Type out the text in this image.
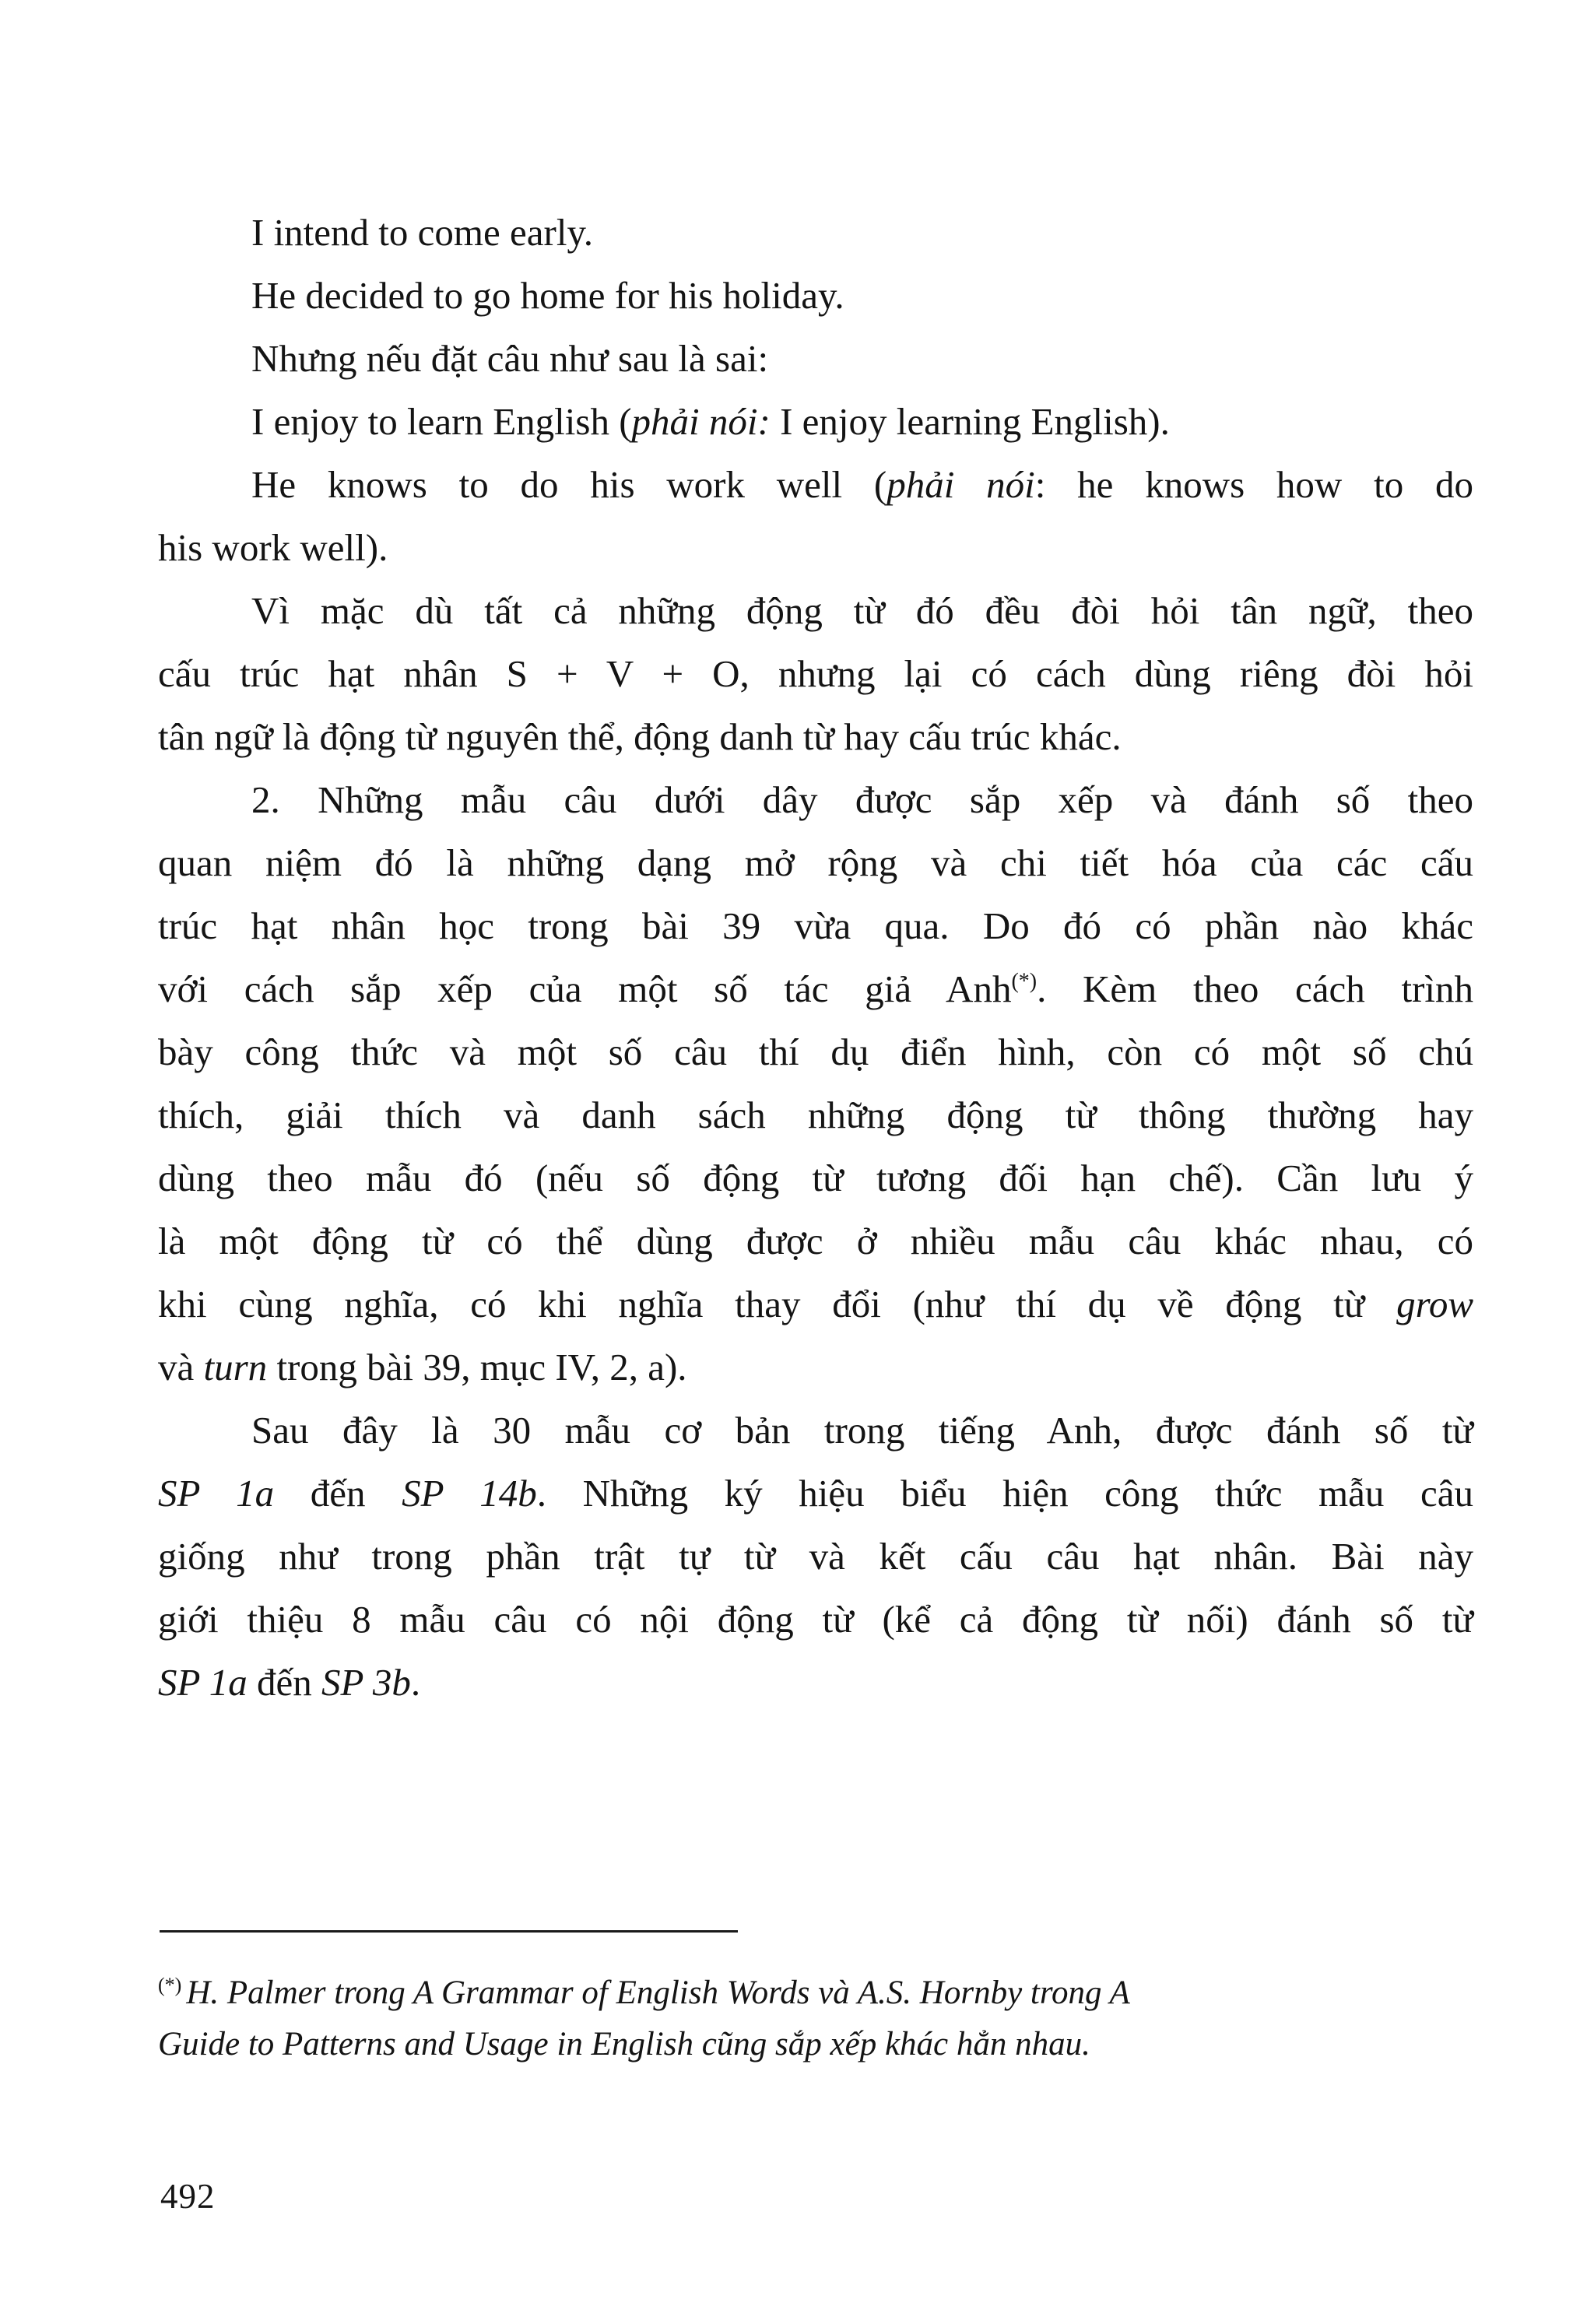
I intend to come early.
He decided to go home for his holiday.
Nhưng nếu đặt câu như sau là sai:
I enjoy to learn English (phải nói: I enjoy learning English).
He knows to do his work well (phải nói: he knows how to do
his work well).
Vì mặc dù tất cả những động từ đó đều đòi hỏi tân ngữ, theo
cấu trúc hạt nhân S + V + O, nhưng lại có cách dùng riêng đòi hỏi
tân ngữ là động từ nguyên thể, động danh từ hay cấu trúc khác.
2. Những mẫu câu dưới dây được sắp xếp và đánh số theo
quan niệm đó là những dạng mở rộng và chi tiết hóa của các cấu
trúc hạt nhân học trong bài 39 vừa qua. Do đó có phần nào khác
với cách sắp xếp của một số tác giả Anh(*). Kèm theo cách trình
bày công thức và một số câu thí dụ điển hình, còn có một số chú
thích, giải thích và danh sách những động từ thông thường hay
dùng theo mẫu đó (nếu số động từ tương đối hạn chế). Cần lưu ý
là một động từ có thể dùng được ở nhiều mẫu câu khác nhau, có
khi cùng nghĩa, có khi nghĩa thay đổi (như thí dụ về động từ grow
và turn trong bài 39, mục IV, 2, a).
Sau đây là 30 mẫu cơ bản trong tiếng Anh, được đánh số từ
SP 1a đến SP 14b. Những ký hiệu biểu hiện công thức mẫu câu
giống như trong phần trật tự từ và kết cấu câu hạt nhân. Bài này
giới thiệu 8 mẫu câu có nội động từ (kể cả động từ nối) đánh số từ
SP 1a đến SP 3b.
(*) H. Palmer trong A Grammar of English Words và A.S. Hornby trong A
Guide to Patterns and Usage in English cũng sắp xếp khác hẳn nhau.
492
